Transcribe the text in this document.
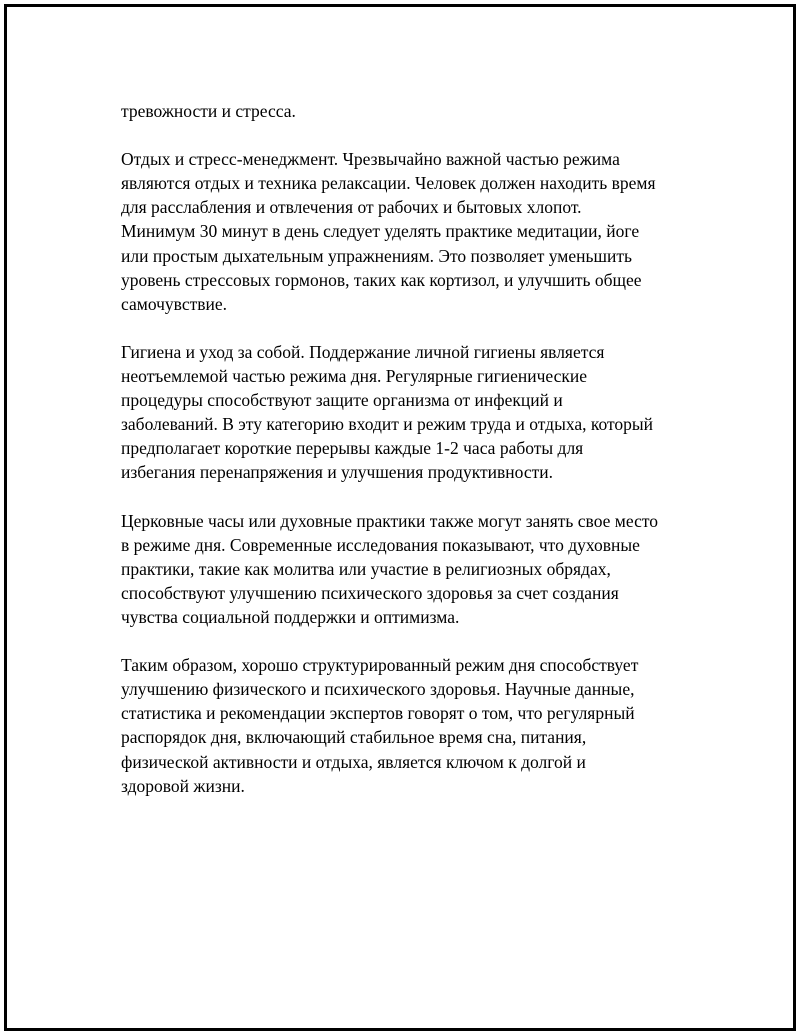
тревожности и стресса.

Отдых и стресс-менеджмент. Чрезвычайно важной частью режима
являются отдых и техника релаксации. Человек должен находить время
для расслабления и отвлечения от рабочих и бытовых хлопот.
Минимум 30 минут в день следует уделять практике медитации, йоге
или простым дыхательным упражнениям. Это позволяет уменьшить
уровень стрессовых гормонов, таких как кортизол, и улучшить общее
самочувствие.

Гигиена и уход за собой. Поддержание личной гигиены является
неотъемлемой частью режима дня. Регулярные гигиенические
процедуры способствуют защите организма от инфекций и
заболеваний. В эту категорию входит и режим труда и отдыха, который
предполагает короткие перерывы каждые 1-2 часа работы для
избегания перенапряжения и улучшения продуктивности.

Церковные часы или духовные практики также могут занять свое место
в режиме дня. Современные исследования показывают, что духовные
практики, такие как молитва или участие в религиозных обрядах,
способствуют улучшению психического здоровья за счет создания
чувства социальной поддержки и оптимизма.

Таким образом, хорошо структурированный режим дня способствует
улучшению физического и психического здоровья. Научные данные,
статистика и рекомендации экспертов говорят о том, что регулярный
распорядок дня, включающий стабильное время сна, питания,
физической активности и отдыха, является ключом к долгой и
здоровой жизни.
